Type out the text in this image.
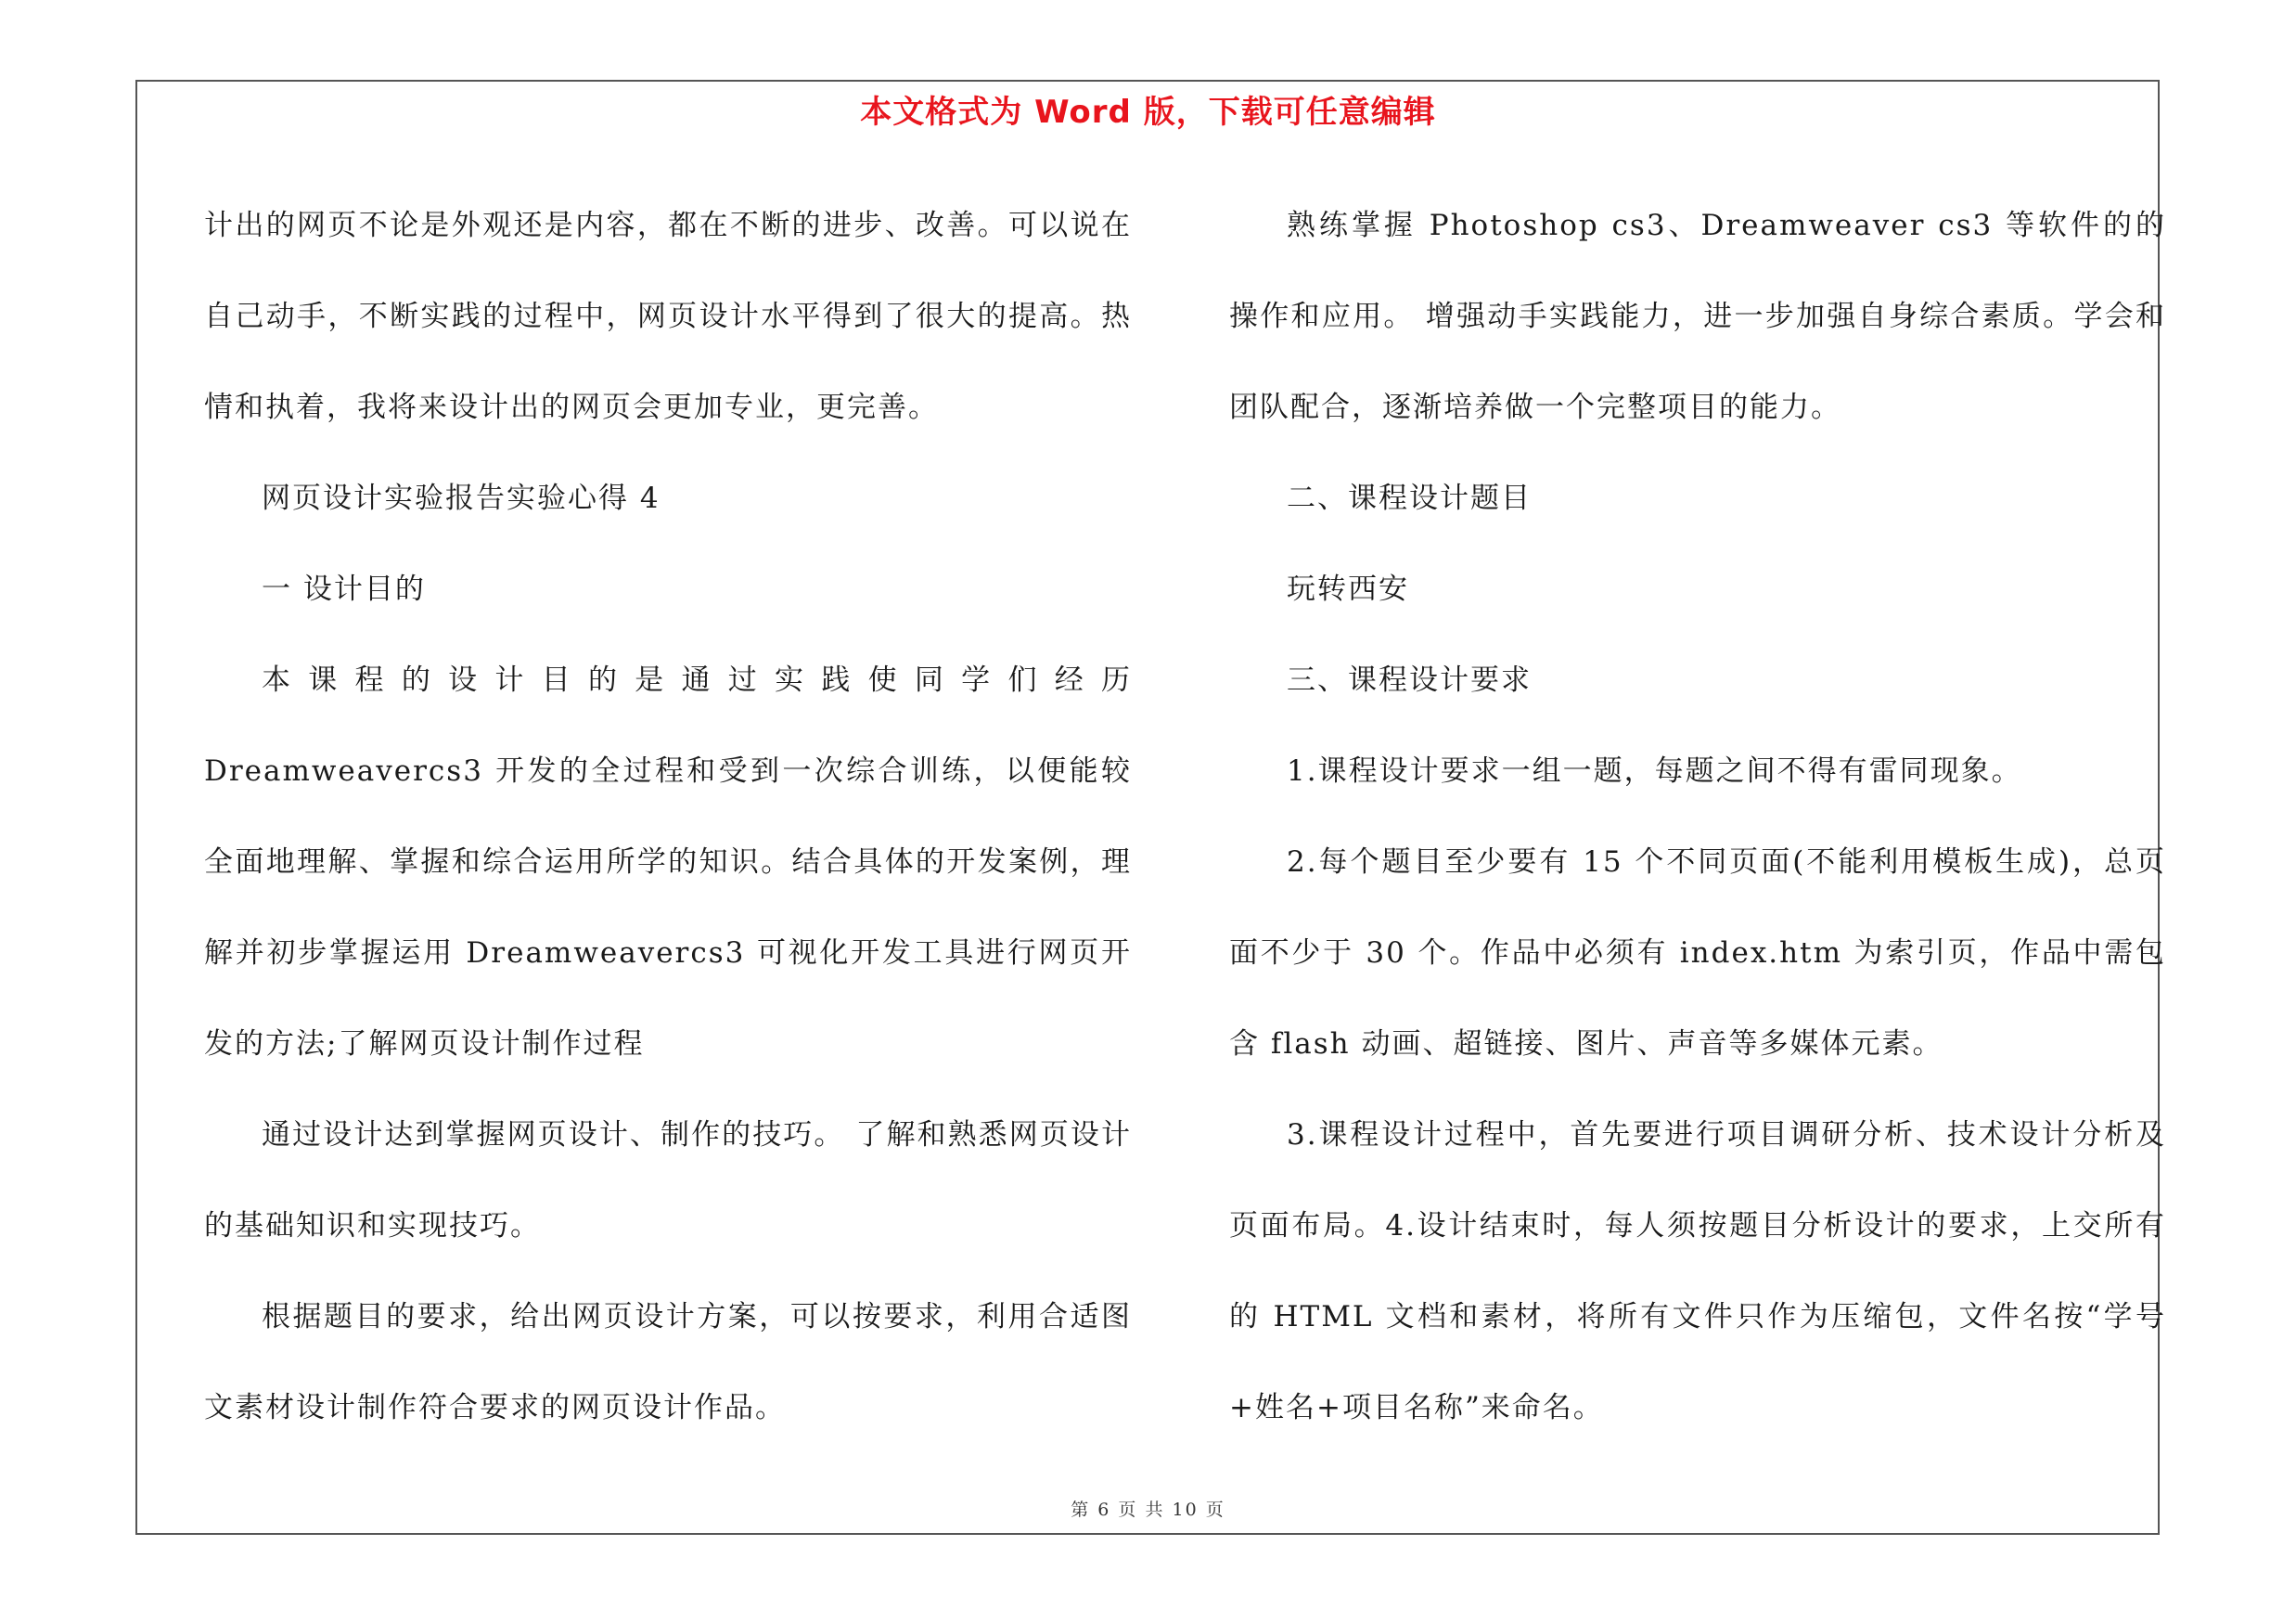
本文格式为 Word 版，下载可任意编辑

计出的网页不论是外观还是内容，都在不断的进步、改善。可以说在自己动手，不断实践的过程中，网页设计水平得到了很大的提高。热情和执着，我将来设计出的网页会更加专业，更完善。

网页设计实验报告实验心得 4

一 设计目的

本课程的设计目的是通过实践使同学们经历 Dreamweavercs3 开发的全过程和受到一次综合训练，以便能较全面地理解、掌握和综合运用所学的知识。结合具体的开发案例，理解并初步掌握运用 Dreamweavercs3 可视化开发工具进行网页开发的方法;了解网页设计制作过程

通过设计达到掌握网页设计、制作的技巧。 了解和熟悉网页设计的基础知识和实现技巧。

根据题目的要求，给出网页设计方案，可以按要求，利用合适图文素材设计制作符合要求的网页设计作品。

熟练掌握 Photoshop cs3、Dreamweaver cs3 等软件的的操作和应用。 增强动手实践能力，进一步加强自身综合素质。学会和团队配合，逐渐培养做一个完整项目的能力。

二、课程设计题目

玩转西安

三、课程设计要求

1.课程设计要求一组一题，每题之间不得有雷同现象。

2.每个题目至少要有 15 个不同页面(不能利用模板生成)，总页面不少于 30 个。作品中必须有 index.htm 为索引页，作品中需包含 flash 动画、超链接、图片、声音等多媒体元素。

3.课程设计过程中，首先要进行项目调研分析、技术设计分析及页面布局。4.设计结束时，每人须按题目分析设计的要求，上交所有的 HTML 文档和素材，将所有文件只作为压缩包，文件名按“学号+姓名+项目名称”来命名。

第 6 页 共 10 页
